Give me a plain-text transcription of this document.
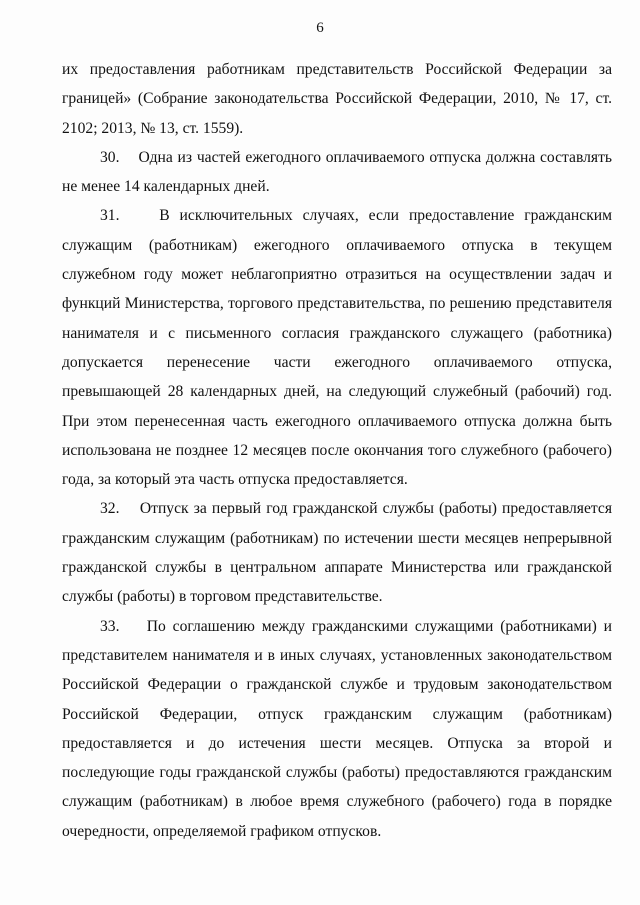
6

их предоставления работникам представительств Российской Федерации за границей» (Собрание законодательства Российской Федерации, 2010, № 17, ст. 2102; 2013, № 13, ст. 1559).

30.    Одна из частей ежегодного оплачиваемого отпуска должна составлять не менее 14 календарных дней.

31.    В исключительных случаях, если предоставление гражданским служащим (работникам) ежегодного оплачиваемого отпуска в текущем служебном году может неблагоприятно отразиться на осуществлении задач и функций Министерства, торгового представительства, по решению представителя нанимателя и с письменного согласия гражданского служащего (работника) допускается перенесение части ежегодного оплачиваемого отпуска, превышающей 28 календарных дней, на следующий служебный (рабочий) год. При этом перенесенная часть ежегодного оплачиваемого отпуска должна быть использована не позднее 12 месяцев после окончания того служебного (рабочего) года, за который эта часть отпуска предоставляется.

32.    Отпуск за первый год гражданской службы (работы) предоставляется гражданским служащим (работникам) по истечении шести месяцев непрерывной гражданской службы в центральном аппарате Министерства или гражданской службы (работы) в торговом представительстве.

33.    По соглашению между гражданскими служащими (работниками) и представителем нанимателя и в иных случаях, установленных законодательством Российской Федерации о гражданской службе и трудовым законодательством Российской Федерации, отпуск гражданским служащим (работникам) предоставляется и до истечения шести месяцев. Отпуска за второй и последующие годы гражданской службы (работы) предоставляются гражданским служащим (работникам) в любое время служебного (рабочего) года в порядке очередности, определяемой графиком отпусков.
